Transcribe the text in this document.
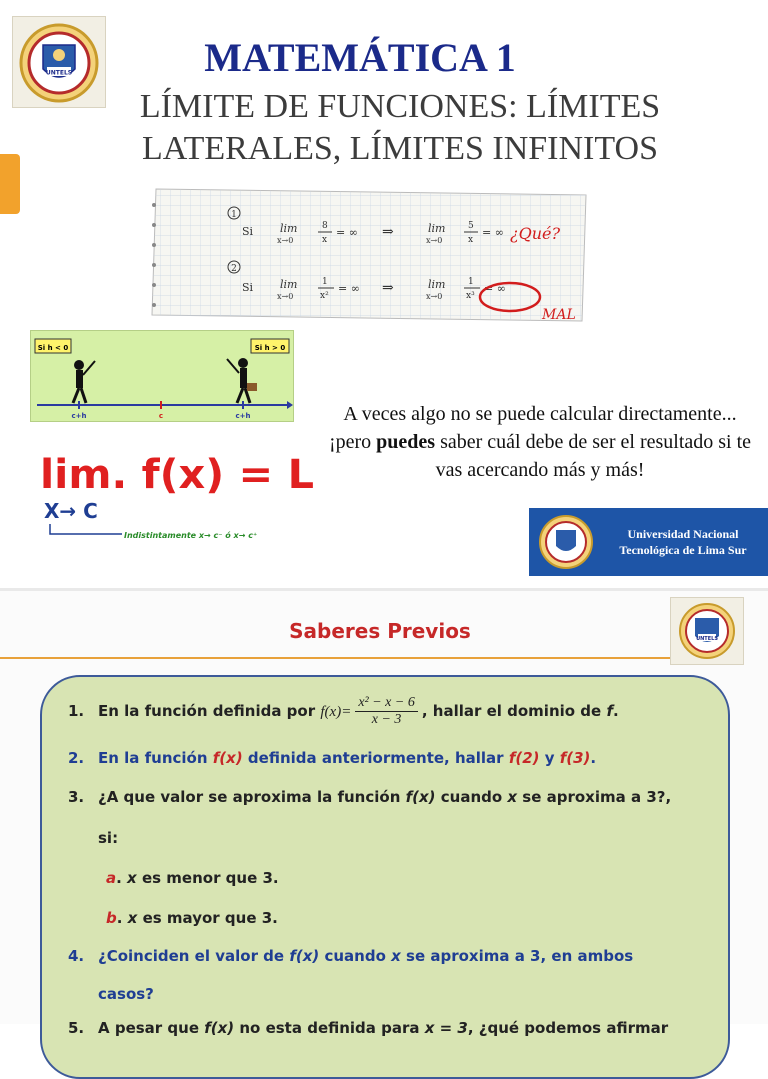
UNTELS	MATEMÁTICA 1
LÍMITE DE FUNCIONES: LÍMITES
LATERALES, LÍMITES INFINITOS
1
Si lim
x→0
8
x
= ∞ ⇒	lim
x→0
5
x
= ∞ ¿Qué?
2
Si lim
x→0
1
x²
= ∞ ⇒	lim
x→0
1
x³
= ∞
MAL
Si h < 0	Si h > 0
c+h	c	c+h
lim. f(x) = L
X→ C
Indistintamente x→ c⁻ ó x→ c⁺
A veces algo no se puede calcular directamente... ¡pero puedes saber cuál debe de ser el resultado si te vas acercando más y más!
Universidad Nacional
Tecnológica de Lima Sur
Saberes Previos	UNTELS
1. En la función definida por $f(x)= \frac{\text{x² − x − 6}}{x - 3}$ , hallar el dominio de f.
2. En la función f(x) definida anteriormente, hallar f(2) y f(3).
3. ¿A que valor se aproxima la función f(x) cuando x se aproxima a 3?,
si:
a. x es menor que 3.
b. x es mayor que 3.
4. ¿Coinciden el valor de f(x) cuando x se aproxima a 3, en ambos
casos?
5. A pesar que f(x) no esta definida para x = 3, ¿qué podemos afirmar
